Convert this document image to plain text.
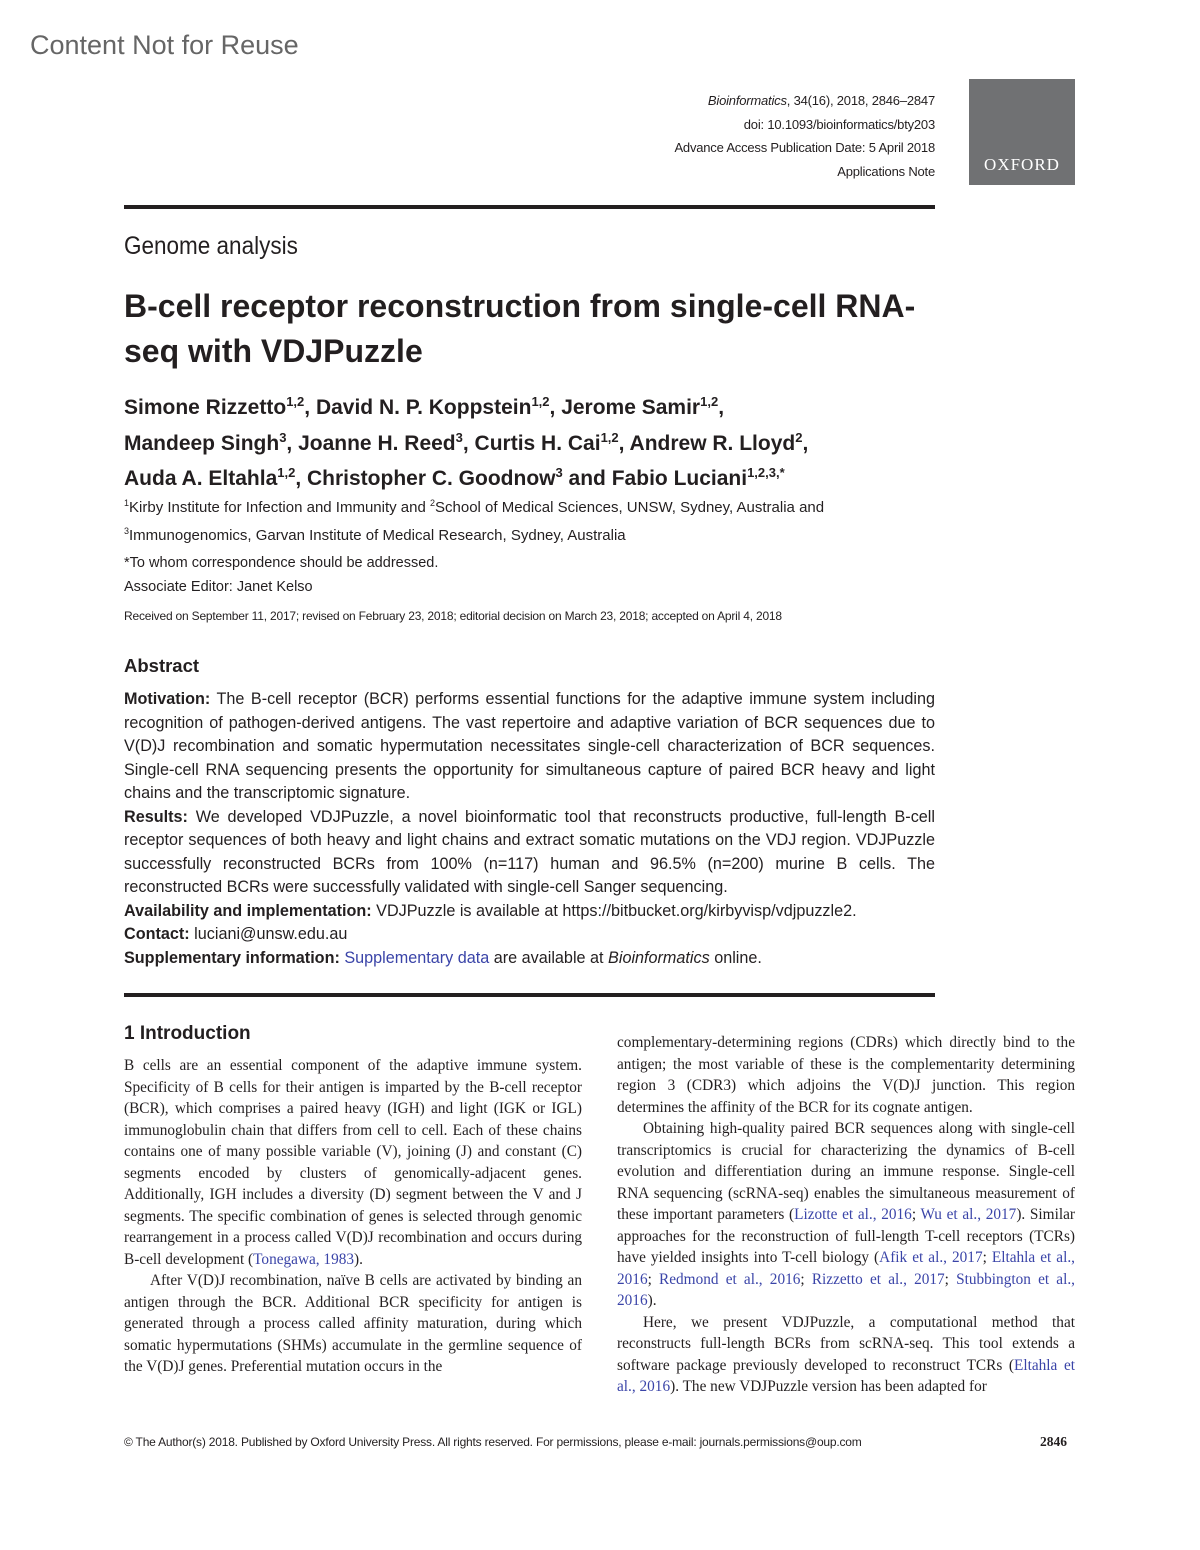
Content Not for Reuse
Bioinformatics, 34(16), 2018, 2846–2847
doi: 10.1093/bioinformatics/bty203
Advance Access Publication Date: 5 April 2018
Applications Note	OXFORD
Genome analysis
B-cell receptor reconstruction from single-cell RNA-seq with VDJPuzzle
Simone Rizzetto$^{1,2}$, David N. P. Koppstein$^{1,2}$, Jerome Samir$^{1,2}$,
Mandeep Singh$^3$, Joanne H. Reed$^3$, Curtis H. Cai$^{1,2}$, Andrew R. Lloyd$^2$,
Auda A. Eltahla$^{1,2}$, Christopher C. Goodnow$^3$ and Fabio Luciani$^{1,2,3,*}$
$^1$Kirby Institute for Infection and Immunity and $^2$School of Medical Sciences, UNSW, Sydney, Australia and
$^3$Immunogenomics, Garvan Institute of Medical Research, Sydney, Australia
*To whom correspondence should be addressed.
Associate Editor: Janet Kelso
Received on September 11, 2017; revised on February 23, 2018; editorial decision on March 23, 2018; accepted on April 4, 2018
Abstract

Motivation: The B-cell receptor (BCR) performs essential functions for the adaptive immune system including recognition of pathogen-derived antigens. The vast repertoire and adaptive variation of BCR sequences due to V(D)J recombination and somatic hypermutation necessitates single-cell characterization of BCR sequences. Single-cell RNA sequencing presents the opportunity for simultaneous capture of paired BCR heavy and light chains and the transcriptomic signature.

Results: We developed VDJPuzzle, a novel bioinformatic tool that reconstructs productive, full-length B-cell receptor sequences of both heavy and light chains and extract somatic mutations on the VDJ region. VDJPuzzle successfully reconstructed BCRs from 100% (n=117) human and 96.5% (n=200) murine B cells. The reconstructed BCRs were successfully validated with single-cell Sanger sequencing.

Availability and implementation: VDJPuzzle is available at https://bitbucket.org/kirbyvisp/vdjpuzzle2.

Contact: luciani@unsw.edu.au

Supplementary information: Supplementary data are available at Bioinformatics online.

1 Introduction

B cells are an essential component of the adaptive immune system. Specificity of B cells for their antigen is imparted by the B-cell receptor (BCR), which comprises a paired heavy (IGH) and light (IGK or IGL) immunoglobulin chain that differs from cell to cell. Each of these chains contains one of many possible variable (V), joining (J) and constant (C) segments encoded by clusters of genomically-adjacent genes. Additionally, IGH includes a diversity (D) segment between the V and J segments. The specific combination of genes is selected through genomic rearrangement in a process called V(D)J recombination and occurs during B-cell development (Tonegawa, 1983).

After V(D)J recombination, naïve B cells are activated by binding an antigen through the BCR. Additional BCR specificity for antigen is generated through a process called affinity maturation, during which somatic hypermutations (SHMs) accumulate in the germline sequence of the V(D)J genes. Preferential mutation occurs in the

complementary-determining regions (CDRs) which directly bind to the antigen; the most variable of these is the complementarity determining region 3 (CDR3) which adjoins the V(D)J junction. This region determines the affinity of the BCR for its cognate antigen.

Obtaining high-quality paired BCR sequences along with single-cell transcriptomics is crucial for characterizing the dynamics of B-cell evolution and differentiation during an immune response. Single-cell RNA sequencing (scRNA-seq) enables the simultaneous measurement of these important parameters (Lizotte et al., 2016; Wu et al., 2017). Similar approaches for the reconstruction of full-length T-cell receptors (TCRs) have yielded insights into T-cell biology (Afik et al., 2017; Eltahla et al., 2016; Redmond et al., 2016; Rizzetto et al., 2017; Stubbington et al., 2016).

Here, we present VDJPuzzle, a computational method that reconstructs full-length BCRs from scRNA-seq. This tool extends a software package previously developed to reconstruct TCRs (Eltahla et al., 2016). The new VDJPuzzle version has been adapted for

© The Author(s) 2018. Published by Oxford University Press. All rights reserved. For permissions, please e-mail: journals.permissions@oup.com	2846
